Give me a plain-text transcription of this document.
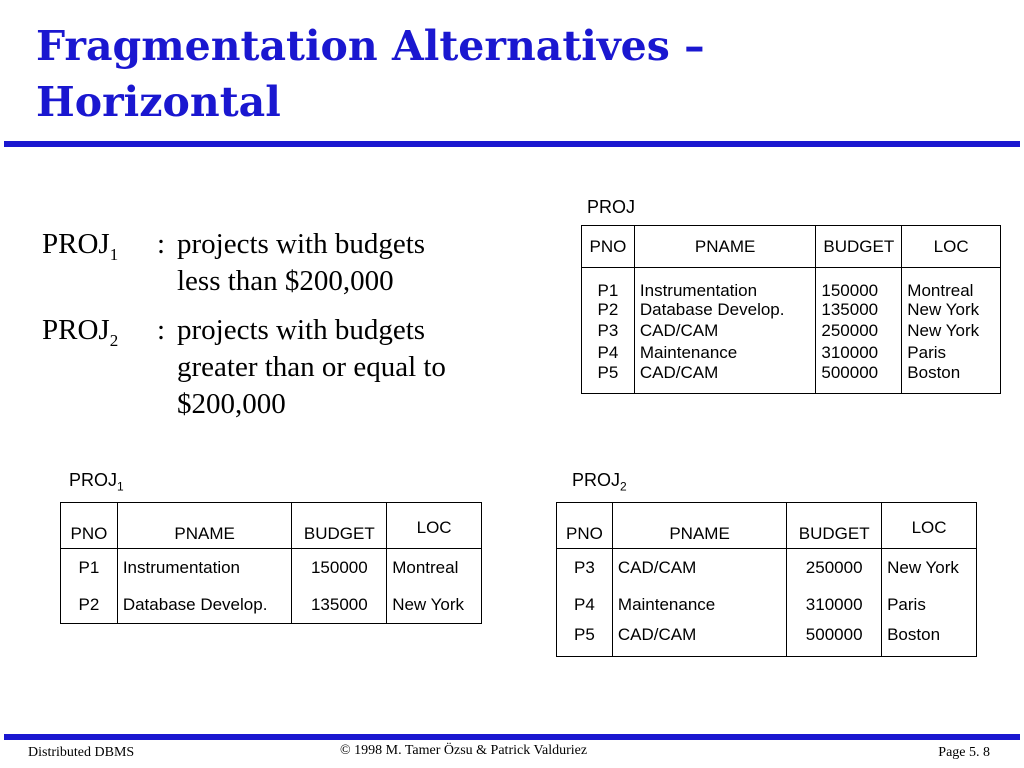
Fragmentation Alternatives –
Horizontal
$PROJ_1$ : projects with budgets
less than $200,000
$PROJ_2$ : projects with budgets
greater than or equal to
$200,000
PROJ
PNO	PNAME	BUDGET	LOC
P1	Instrumentation	150000	Montreal
P2	Database Develop.	135000	New York
P3	CAD/CAM	250000	New York
P4	Maintenance	310000	Paris
P5	CAD/CAM	500000	Boston
$PROJ_1$
PNO	PNAME	BUDGET	LOC
P1	Instrumentation	150000	Montreal
P2	Database Develop.	135000	New York
$PROJ_2$
PNO	PNAME	BUDGET	LOC
P3	CAD/CAM	250000	New York
P4	Maintenance	310000	Paris
P5	CAD/CAM	500000	Boston
Distributed DBMS	© 1998 M. Tamer Özsu & Patrick Valduriez	Page 5. 8
